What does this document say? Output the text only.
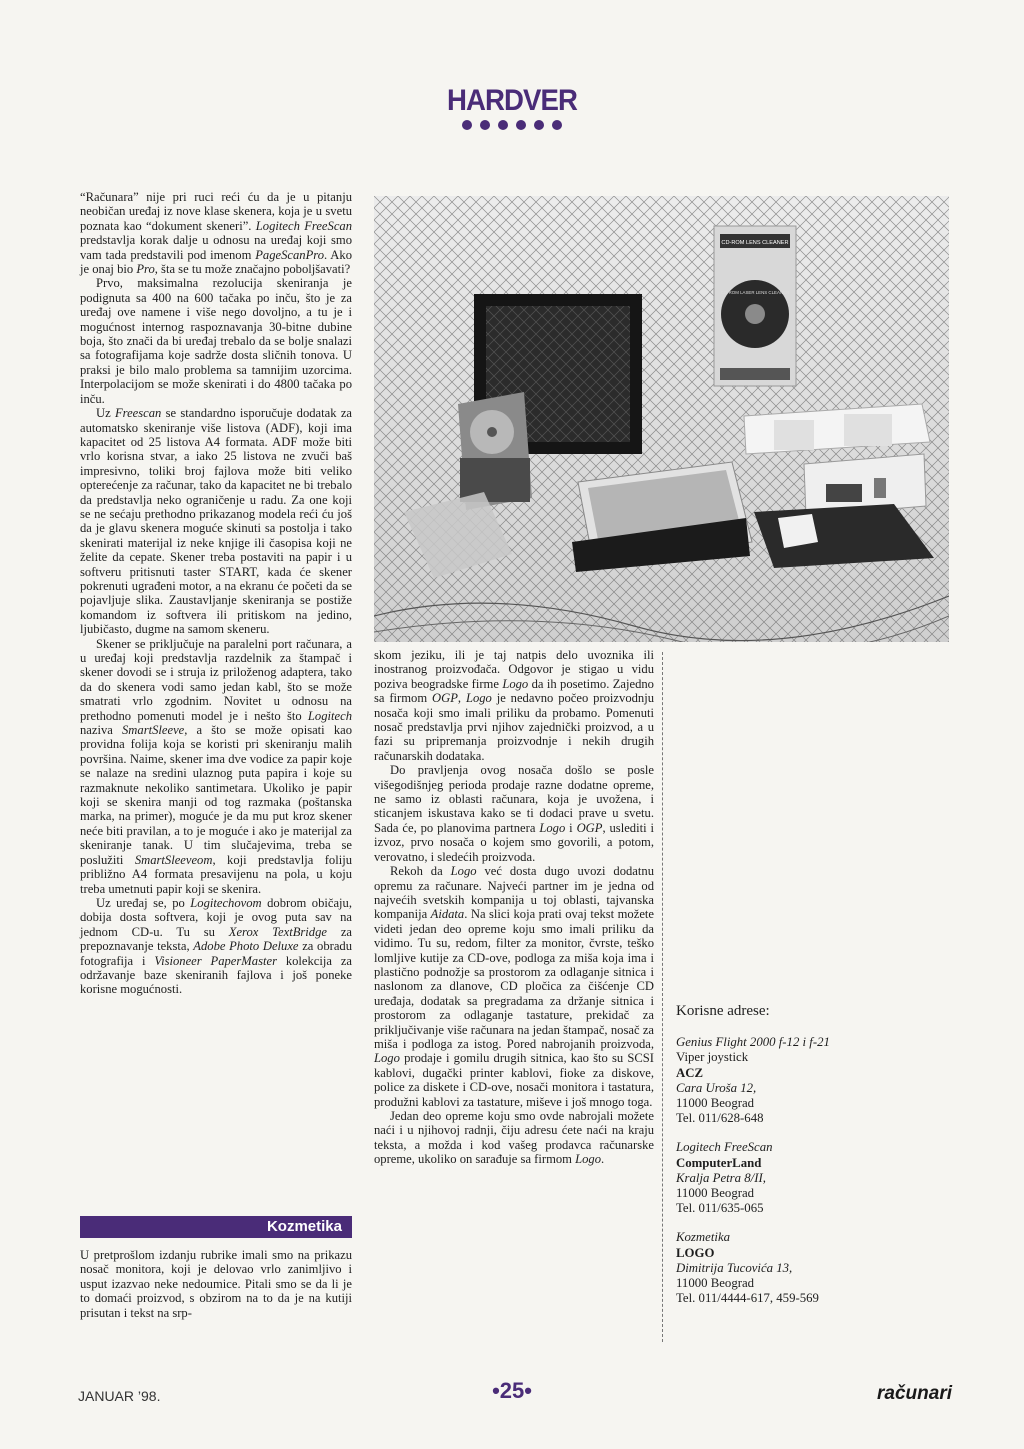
HARDVER

“Računara” nije pri ruci reći ću da je u pitanju neobičan uređaj iz nove klase skenera, koja je u svetu poznata kao “dokument skeneri”. Logitech FreeScan predstavlja korak dalje u odnosu na uređaj koji smo vam tada predstavili pod imenom PageScanPro. Ako je onaj bio Pro, šta se tu može značajno poboljšavati?

Prvo, maksimalna rezolucija skeniranja je podignuta sa 400 na 600 tačaka po inču, što je za uređaj ove namene i više nego dovoljno, a tu je i mogućnost internog raspoznavanja 30-bitne dubine boja, što znači da bi uređaj trebalo da se bolje snalazi sa fotografijama koje sadrže dosta sličnih tonova. U praksi je bilo malo problema sa tamnijim uzorcima. Interpolacijom se može skenirati i do 4800 tačaka po inču.

Uz Freescan se standardno isporučuje dodatak za automatsko skeniranje više listova (ADF), koji ima kapacitet od 25 listova A4 formata. ADF može biti vrlo korisna stvar, a iako 25 listova ne zvuči baš impresivno, toliki broj fajlova može biti veliko opterećenje za računar, tako da kapacitet ne bi trebalo da predstavlja neko ograničenje u radu. Za one koji se ne sećaju prethodno prikazanog modela reći ću još da je glavu skenera moguće skinuti sa postolja i tako skenirati materijal iz neke knjige ili časopisa koji ne želite da cepate. Skener treba postaviti na papir i u softveru pritisnuti taster START, kada će skener pokrenuti ugrađeni motor, a na ekranu će početi da se pojavljuje slika. Zaustavljanje skeniranja se postiže komandom iz softvera ili pritiskom na jedino, ljubičasto, dugme na samom skeneru.

Skener se priključuje na paralelni port računara, a u uređaj koji predstavlja razdelnik za štampač i skener dovodi se i struja iz priloženog adaptera, tako da do skenera vodi samo jedan kabl, što se može smatrati vrlo zgodnim. Novitet u odnosu na prethodno pomenuti model je i nešto što Logitech naziva SmartSleeve, a što se može opisati kao providna folija koja se koristi pri skeniranju malih površina. Naime, skener ima dve vodice za papir koje se nalaze na sredini ulaznog puta papira i koje su razmaknute nekoliko santimetara. Ukoliko je papir koji se skenira manji od tog razmaka (poštanska marka, na primer), moguće je da mu put kroz skener neće biti pravilan, a to je moguće i ako je materijal za skeniranje tanak. U tim slučajevima, treba se poslužiti SmartSleeveom, koji predstavlja foliju približno A4 formata presavijenu na pola, u koju treba umetnuti papir koji se skenira.

Uz uređaj se, po Logitechovom dobrom običaju, dobija dosta softvera, koji je ovog puta sav na jednom CD-u. Tu su Xerox TextBridge za prepoznavanje teksta, Adobe Photo Deluxe za obradu fotografija i Visioneer PaperMaster kolekcija za održavanje baze skeniranih fajlova i još poneke korisne mogućnosti.

CD-ROM LENS CLEANER
CD-ROM LASER LENS CLEANER

skom jeziku, ili je taj natpis delo uvoznika ili inostranog proizvođača. Odgovor je stigao u vidu poziva beogradske firme Logo da ih posetimo. Zajedno sa firmom OGP, Logo je nedavno počeo proizvodnju nosača koji smo imali priliku da probamo. Pomenuti nosač predstavlja prvi njihov zajednički proizvod, a u fazi su pripremanja proizvodnje i nekih drugih računarskih dodataka.

Do pravljenja ovog nosača došlo se posle višegodišnjeg perioda prodaje razne dodatne opreme, ne samo iz oblasti računara, koja je uvožena, i sticanjem iskustava kako se ti dodaci prave u svetu. Sada će, po planovima partnera Logo i OGP, uslediti i izvoz, prvo nosača o kojem smo govorili, a potom, verovatno, i sledećih proizvoda.

Rekoh da Logo već dosta dugo uvozi dodatnu opremu za računare. Najveći partner im je jedna od najvećih svetskih kompanija u toj oblasti, tajvanska kompanija Aidata. Na slici koja prati ovaj tekst možete videti jedan deo opreme koju smo imali priliku da vidimo. Tu su, redom, filter za monitor, čvrste, teško lomljive kutije za CD-ove, podloga za miša koja ima i plastično podnožje sa prostorom za odlaganje sitnica i naslonom za dlanove, CD pločica za čišćenje CD uređaja, dodatak sa pregradama za držanje sitnica i prostorom za odlaganje tastature, prekidač za priključivanje više računara na jedan štampač, nosač za miša i podloga za istog. Pored nabrojanih proizvoda, Logo prodaje i gomilu drugih sitnica, kao što su SCSI kablovi, dugački printer kablovi, fioke za diskove, police za diskete i CD-ove, nosači monitora i tastatura, produžni kablovi za tastature, miševe i još mnogo toga.

Jedan deo opreme koju smo ovde nabrojali možete naći i u njihovoj radnji, čiju adresu ćete naći na kraju teksta, a možda i kod vašeg prodavca računarske opreme, ukoliko on sarađuje sa firmom Logo.

Kozmetika

U pretprošlom izdanju rubrike imali smo na prikazu nosač monitora, koji je delovao vrlo zanimljivo i usput izazvao neke nedoumice. Pitali smo se da li je to domaći proizvod, s obzirom na to da je na kutiji prisutan i tekst na srp-

Korisne adrese:
Genius Flight 2000 f-12 i f-21
Viper joystick
ACZ
Cara Uroša 12,
11000 Beograd
Tel. 011/628-648
Logitech FreeScan
ComputerLand
Kralja Petra 8/II,
11000 Beograd
Tel. 011/635-065
Kozmetika
LOGO
Dimitrija Tucovića 13,
11000 Beograd
Tel. 011/4444-617, 459-569
JANUAR ’98.	•25•	računari
